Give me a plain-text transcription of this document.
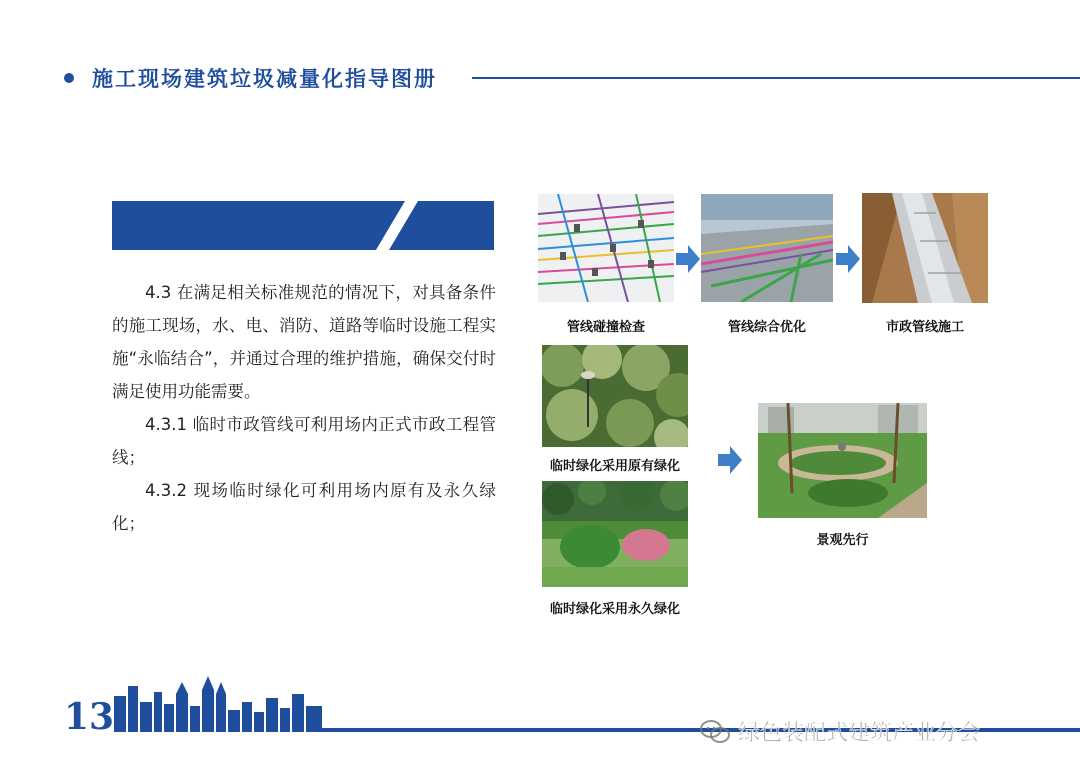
施工现场建筑垃圾减量化指导图册

4.3 在满足相关标准规范的情况下，对具备条件的施工现场，水、电、消防、道路等临时设施工程实施“永临结合”，并通过合理的维护措施，确保交付时满足使用功能需要。

4.3.1 临时市政管线可利用场内正式市政工程管线；

4.3.2 现场临时绿化可利用场内原有及永久绿化；

管线碰撞检查	管线综合优化	市政管线施工
临时绿化采用原有绿化
临时绿化采用永久绿化
景观先行
13	绿色装配式建筑产业分会
